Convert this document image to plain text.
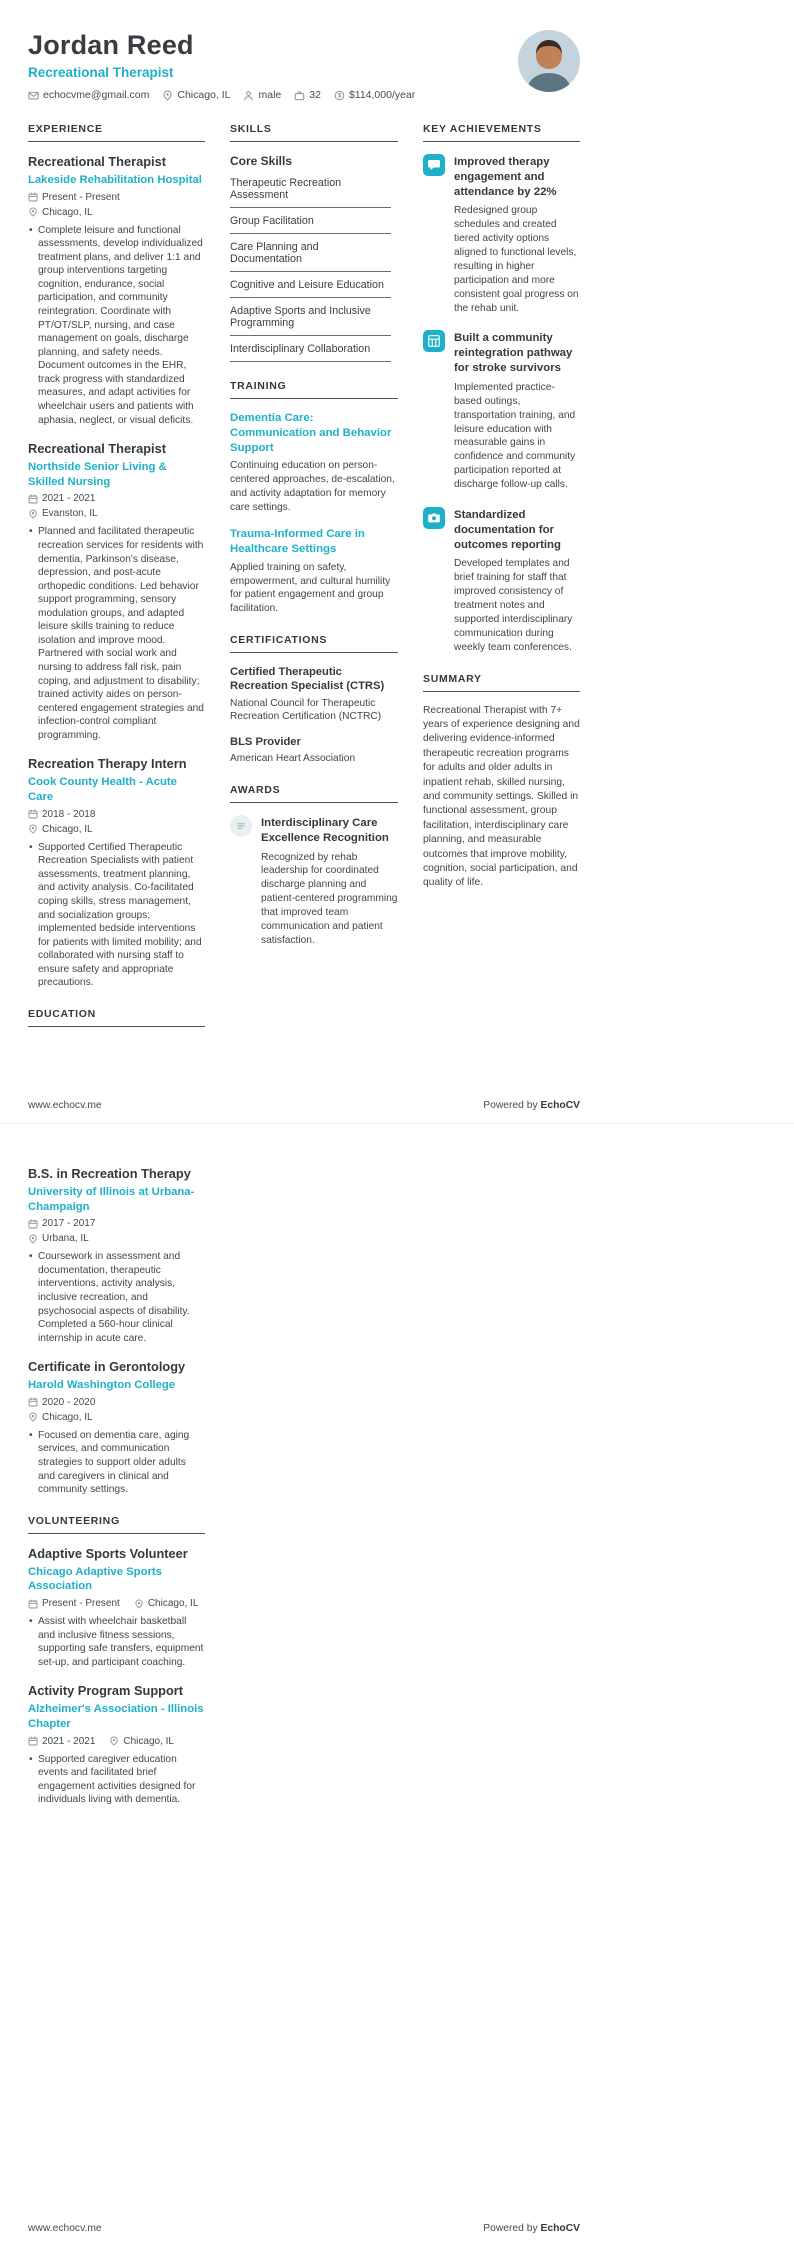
Jordan Reed
Recreational Therapist
echocvme@gmail.com	Chicago, IL	male	32	$114,000/year
EXPERIENCE
Recreational Therapist
Lakeside Rehabilitation Hospital
Present - Present
Chicago, IL
• Complete leisure and functional assessments, develop individualized treatment plans, and deliver 1:1 and group interventions targeting cognition, endurance, social participation, and community reintegration. Coordinate with PT/OT/SLP, nursing, and case management on goals, discharge planning, and safety needs. Document outcomes in the EHR, track progress with standardized measures, and adapt activities for wheelchair users and patients with aphasia, neglect, or visual deficits.
Recreational Therapist
Northside Senior Living & Skilled Nursing
2021 - 2021
Evanston, IL
• Planned and facilitated therapeutic recreation services for residents with dementia, Parkinson's disease, depression, and post-acute orthopedic conditions. Led behavior support programming, sensory modulation groups, and adapted leisure skills training to reduce isolation and improve mood. Partnered with social work and nursing to address fall risk, pain coping, and adjustment to disability; trained activity aides on person-centered engagement strategies and infection-control compliant programming.
Recreation Therapy Intern
Cook County Health - Acute Care
2018 - 2018
Chicago, IL
• Supported Certified Therapeutic Recreation Specialists with patient assessments, treatment planning, and activity analysis. Co-facilitated coping skills, stress management, and socialization groups; implemented bedside interventions for patients with limited mobility; and collaborated with nursing staff to ensure safety and appropriate precautions.
EDUCATION
SKILLS
Core Skills
Therapeutic Recreation Assessment
Group Facilitation
Care Planning and Documentation
Cognitive and Leisure Education
Adaptive Sports and Inclusive Programming
Interdisciplinary Collaboration
TRAINING
Dementia Care: Communication and Behavior Support
Continuing education on person-centered approaches, de-escalation, and activity adaptation for memory care settings.
Trauma-Informed Care in Healthcare Settings
Applied training on safety, empowerment, and cultural humility for patient engagement and group facilitation.
CERTIFICATIONS
Certified Therapeutic Recreation Specialist (CTRS)
National Council for Therapeutic Recreation Certification (NCTRC)
BLS Provider
American Heart Association
AWARDS
Interdisciplinary Care Excellence Recognition
Recognized by rehab leadership for coordinated discharge planning and patient-centered programming that improved team communication and patient satisfaction.
KEY ACHIEVEMENTS
Improved therapy engagement and attendance by 22%
Redesigned group schedules and created tiered activity options aligned to functional levels, resulting in higher participation and more consistent goal progress on the rehab unit.
Built a community reintegration pathway for stroke survivors
Implemented practice-based outings, transportation training, and leisure education with measurable gains in confidence and community participation reported at discharge follow-up calls.
Standardized documentation for outcomes reporting
Developed templates and brief training for staff that improved consistency of treatment notes and supported interdisciplinary communication during weekly team conferences.
SUMMARY

Recreational Therapist with 7+ years of experience designing and delivering evidence-informed therapeutic recreation programs for adults and older adults in inpatient rehab, skilled nursing, and community settings. Skilled in functional assessment, group facilitation, interdisciplinary care planning, and measurable outcomes that improve mobility, cognition, social participation, and quality of life.

www.echocv.me	Powered by EchoCV
B.S. in Recreation Therapy
University of Illinois at Urbana-Champaign
2017 - 2017
Urbana, IL
• Coursework in assessment and documentation, therapeutic interventions, activity analysis, inclusive recreation, and psychosocial aspects of disability. Completed a 560-hour clinical internship in acute care.
Certificate in Gerontology
Harold Washington College
2020 - 2020
Chicago, IL
• Focused on dementia care, aging services, and communication strategies to support older adults and caregivers in clinical and community settings.
VOLUNTEERING
Adaptive Sports Volunteer
Chicago Adaptive Sports Association
Present - Present	Chicago, IL
• Assist with wheelchair basketball and inclusive fitness sessions, supporting safe transfers, equipment set-up, and participant coaching.
Activity Program Support
Alzheimer's Association - Illinois Chapter
2021 - 2021	Chicago, IL
• Supported caregiver education events and facilitated brief engagement activities designed for individuals living with dementia.
www.echocv.me	Powered by EchoCV
